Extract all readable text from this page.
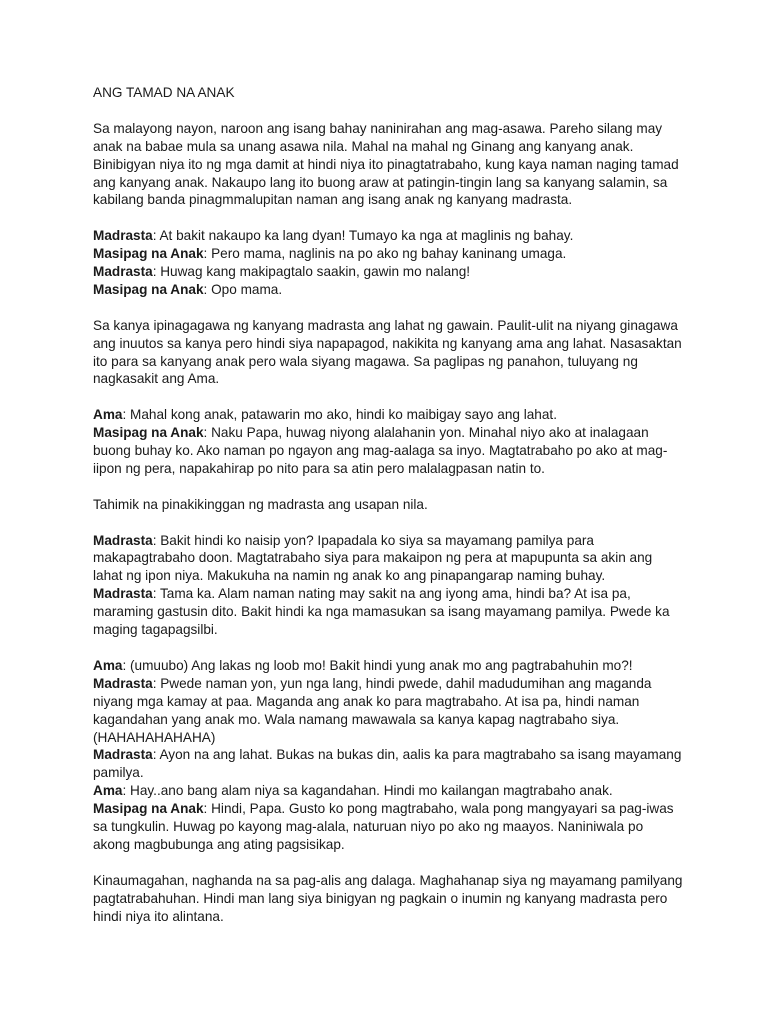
ANG TAMAD NA ANAK

Sa malayong nayon, naroon ang isang bahay naninirahan ang mag-asawa. Pareho silang may anak na babae mula sa unang asawa nila. Mahal na mahal ng Ginang ang kanyang anak. Binibigyan niya ito ng mga damit at hindi niya ito pinagtatrabaho, kung kaya naman naging tamad ang kanyang anak. Nakaupo lang ito buong araw at patingin-tingin lang sa kanyang salamin, sa kabilang banda pinagmmalupitan naman ang isang anak ng kanyang madrasta.

Madrasta: At bakit nakaupo ka lang dyan! Tumayo ka nga at maglinis ng bahay.

Masipag na Anak: Pero mama, naglinis na po ako ng bahay kaninang umaga.

Madrasta: Huwag kang makipagtalo saakin, gawin mo nalang!

Masipag na Anak: Opo mama.

Sa kanya ipinagagawa ng kanyang madrasta ang lahat ng gawain. Paulit-ulit na niyang ginagawa ang inuutos sa kanya pero hindi siya napapagod, nakikita ng kanyang ama ang lahat. Nasasaktan ito para sa kanyang anak pero wala siyang magawa. Sa paglipas ng panahon, tuluyang ng nagkasakit ang Ama.

Ama: Mahal kong anak, patawarin mo ako, hindi ko maibigay sayo ang lahat.

Masipag na Anak: Naku Papa, huwag niyong alalahanin yon. Minahal niyo ako at inalagaan buong buhay ko. Ako naman po ngayon ang mag-aalaga sa inyo. Magtatrabaho po ako at mag-iipon ng pera, napakahirap po nito para sa atin pero malalagpasan natin to.

Tahimik na pinakikinggan ng madrasta ang usapan nila.

Madrasta: Bakit hindi ko naisip yon? Ipapadala ko siya sa mayamang pamilya para makapagtrabaho doon. Magtatrabaho siya para makaipon ng pera at mapupunta sa akin ang lahat ng ipon niya. Makukuha na namin ng anak ko ang pinapangarap naming buhay.

Madrasta: Tama ka. Alam naman nating may sakit na ang iyong ama, hindi ba? At isa pa, maraming gastusin dito. Bakit hindi ka nga mamasukan sa isang mayamang pamilya. Pwede ka maging tagapagsilbi.

Ama: (umuubo) Ang lakas ng loob mo! Bakit hindi yung anak mo ang pagtrabahuhin mo?!

Madrasta: Pwede naman yon, yun nga lang, hindi pwede, dahil madudumihan ang maganda niyang mga kamay at paa. Maganda ang anak ko para magtrabaho. At isa pa, hindi naman kagandahan yang anak mo. Wala namang mawawala sa kanya kapag nagtrabaho siya. (HAHAHAHAHAHA)

Madrasta: Ayon na ang lahat. Bukas na bukas din, aalis ka para magtrabaho sa isang mayamang pamilya.

Ama: Hay..ano bang alam niya sa kagandahan. Hindi mo kailangan magtrabaho anak.

Masipag na Anak: Hindi, Papa. Gusto ko pong magtrabaho, wala pong mangyayari sa pag-iwas sa tungkulin. Huwag po kayong mag-alala, naturuan niyo po ako ng maayos. Naniniwala po akong magbubunga ang ating pagsisikap.

Kinaumagahan, naghanda na sa pag-alis ang dalaga. Maghahanap siya ng mayamang pamilyang pagtatrabahuhan. Hindi man lang siya binigyan ng pagkain o inumin ng kanyang madrasta pero hindi niya ito alintana.
